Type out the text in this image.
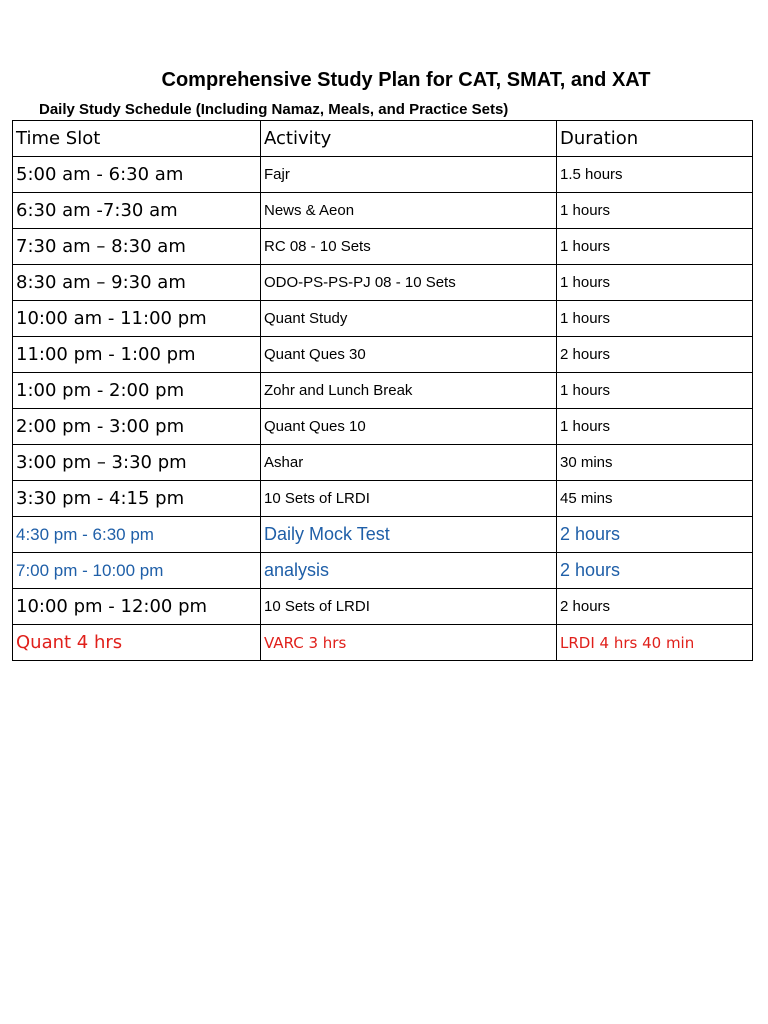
Comprehensive Study Plan for CAT, SMAT, and XAT
Daily Study Schedule (Including Namaz, Meals, and Practice Sets)
Time Slot	Activity	Duration
5:00 am - 6:30 am	Fajr	1.5 hours
6:30 am -7:30 am	News & Aeon	1 hours
7:30 am – 8:30 am	RC 08 - 10 Sets	1 hours
8:30 am – 9:30 am	ODO-PS-PS-PJ 08 - 10 Sets	1 hours
10:00 am - 11:00 pm	Quant Study	1 hours
11:00 pm - 1:00 pm	Quant Ques 30	2 hours
1:00 pm - 2:00 pm	Zohr and Lunch Break	1 hours
2:00 pm - 3:00 pm	Quant Ques 10	1 hours
3:00 pm – 3:30 pm	Ashar	30 mins
3:30 pm - 4:15 pm	10 Sets of LRDI	45 mins
4:30 pm - 6:30 pm	Daily Mock Test	2 hours
7:00 pm - 10:00 pm	analysis	2 hours
10:00 pm - 12:00 pm	10 Sets of LRDI	2 hours
Quant 4 hrs	VARC 3 hrs	LRDI 4 hrs 40 min
